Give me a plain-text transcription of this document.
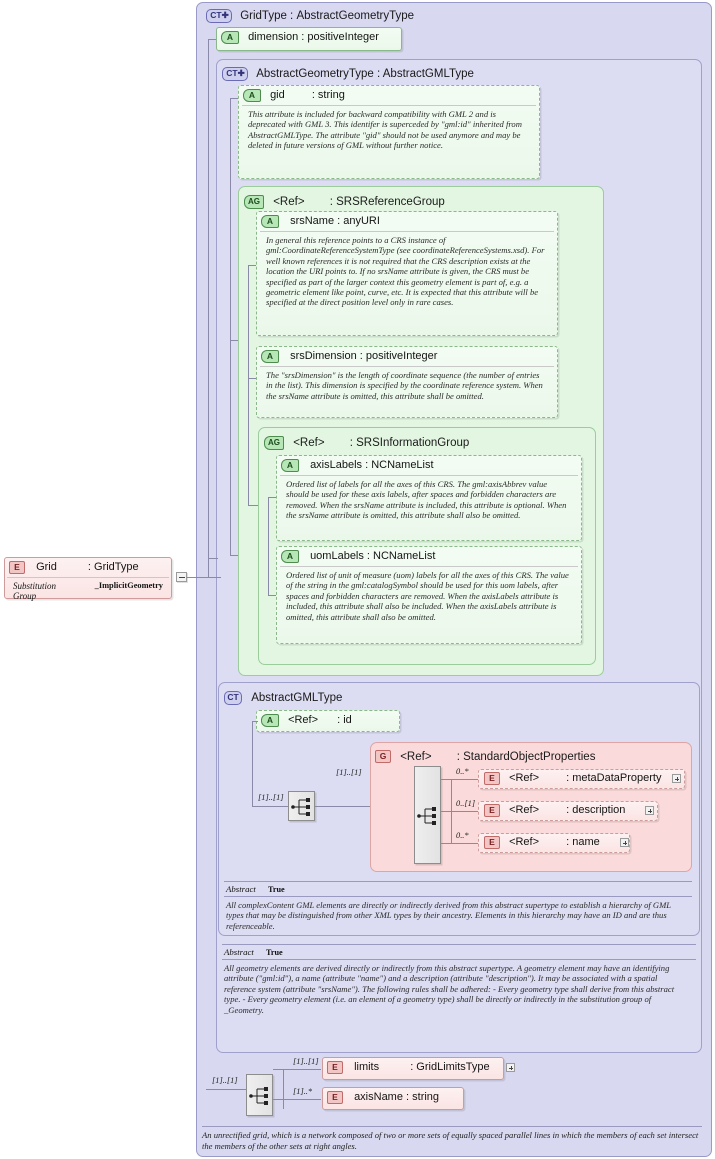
CT✚ GridType : AbstractGeometryType
A dimension : positiveInteger
CT✚ AbstractGeometryType : AbstractGMLType
A gid : string
This attribute is included for backward compatibility with GML 2 and is deprecated with GML 3. This identifer is superceded by "gml:id" inherited from AbstractGMLType. The attribute "gid" should not be used anymore and may be deleted in future versions of GML without further notice.
AG <Ref> : SRSReferenceGroup
A srsName : anyURI
In general this reference points to a CRS instance of gml:CoordinateReferenceSystemType (see coordinateReferenceSystems.xsd). For well known references it is not required that the CRS description exists at the location the URI points to. If no srsName attribute is given, the CRS must be specified as part of the larger context this geometry element is part of, e.g. a geometric element like point, curve, etc. It is expected that this attribute will be specified at the direct position level only in rare cases.
A srsDimension : positiveInteger
The "srsDimension" is the length of coordinate sequence (the number of entries in the list). This dimension is specified by the coordinate reference system. When the srsName attribute is omitted, this attribute shall be omitted.
AG <Ref> : SRSInformationGroup
A axisLabels : NCNameList
Ordered list of labels for all the axes of this CRS. The gml:axisAbbrev value should be used for these axis labels, after spaces and forbidden characters are removed. When the srsName attribute is included, this attribute is optional. When the srsName attribute is omitted, this attribute shall also be omitted.
A uomLabels : NCNameList
Ordered list of unit of measure (uom) labels for all the axes of this CRS. The value of the string in the gml:catalogSymbol should be used for this uom labels, after spaces and forbidden characters are removed. When the axisLabels attribute is included, this attribute shall also be included. When the axisLabels attribute is omitted, this attribute shall also be omitted.
CT AbstractGMLType
A <Ref> : id
[1]..[1]
[1]..[1]
G <Ref> : StandardObjectProperties
0..*
0..[1]
0..*
E <Ref> : metaDataProperty
E <Ref> : description
E <Ref> : name
Abstract True
All complexContent GML elements are directly or indirectly derived from this abstract supertype to establish a hierarchy of GML types that may be distinguished from other XML types by their ancestry. Elements in this hierarchy may have an ID and are thus referenceable.
Abstract True
All geometry elements are derived directly or indirectly from this abstract supertype. A geometry element may have an identifying attribute ("gml:id"), a name (attribute "name") and a description (attribute "description"). It may be associated with a spatial reference system (attribute "srsName"). The following rules shall be adhered: - Every geometry type shall derive from this abstract type. - Every geometry element (i.e. an element of a geometry type) shall be directly or indirectly in the substitution group of _Geometry.
[1]..[1]
[1]..[1]
[1]..*
E limits	: GridLimitsType
E axisName : string
An unrectified grid, which is a network composed of two or more sets of equally spaced parallel lines in which the members of each set intersect the members of the other sets at right angles.
E Grid	: GridType
Substitution Group
_ImplicitGeometry
